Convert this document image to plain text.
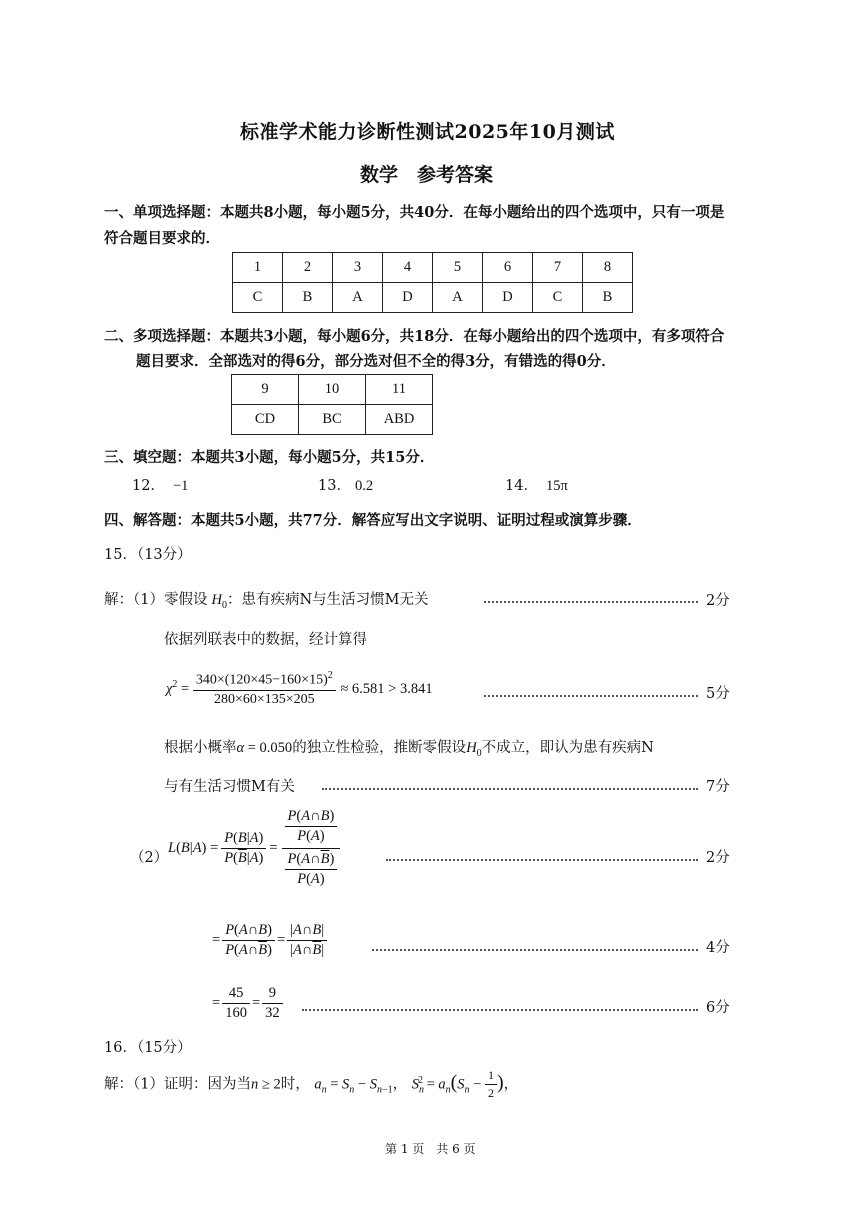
标准学术能力诊断性测试2025年10月测试
数学　参考答案
一、单项选择题：本题共8小题，每小题5分，共40分．在每小题给出的四个选项中，只有一项是
符合题目要求的．
1	2	3	4	5	6	7	8
C	B	A	D	A	D	C	B
二、多项选择题：本题共3小题，每小题6分，共18分．在每小题给出的四个选项中，有多项符合
题目要求．全部选对的得6分，部分选对但不全的得3分，有错选的得0分．
9	10	11
CD	BC	ABD
三、填空题：本题共3小题，每小题5分，共15分．
12． −1	13． 0.2	14． 15π
四、解答题：本题共5小题，共77分．解答应写出文字说明、证明过程或演算步骤．
15．（13分）
解：（1）零假设 $H_0$：患有疾病N与生活习惯M无关	2分
依据列联表中的数据，经计算得
$\chi^2 = \frac{340\times(120\times 45-160\times 15)^2}{280\times 60\times 135\times 205} \approx 6.581 > 3.841$	5分
根据小概率α = 0.050的独立性检验，推断零假设$H_0$不成立，即认为患有疾病N
与有生活习惯M有关	7分
（2）
L ( B | A ) = $\frac{P(B|A)}{P(\overline{B}|A)} = \frac{\frac{P(A\cap B)}{P(A)}}{\frac{P(A\cap\overline{B})}{P(A)}}$	2分
= $\frac{P(A\cap B)}{P(A\cap\overline{B})} = \frac{|A\cap B|}{|A\cap\overline{B}|}$	4分
= $\frac{45}{160} = \frac{9}{32}$	6分
16．（15分）
解：（1）证明：因为当n ≥ 2时， $a_n = S_n - S_{n-1}$， $S_n^2 = a_n(S_n - \frac{1}{2}$ )，
第 1 页　共 6 页
